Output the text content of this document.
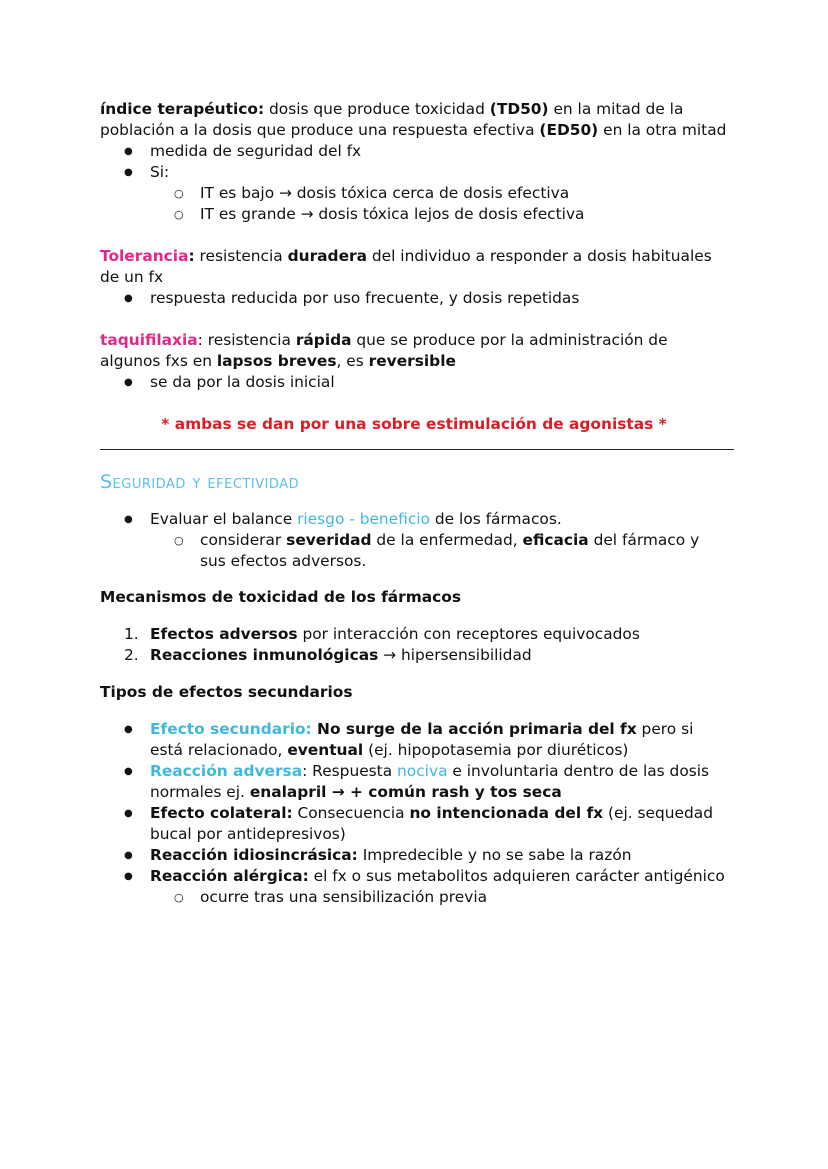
índice terapéutico: dosis que produce toxicidad (TD50) en la mitad de la población a la dosis que produce una respuesta efectiva (ED50) en la otra mitad

● medida de seguridad del fx
● Si:
○ IT es bajo → dosis tóxica cerca de dosis efectiva
○ IT es grande → dosis tóxica lejos de dosis efectiva

Tolerancia: resistencia duradera del individuo a responder a dosis habituales de un fx

● respuesta reducida por uso frecuente, y dosis repetidas

taquifilaxia: resistencia rápida que se produce por la administración de algunos fxs en lapsos breves, es reversible

● se da por la dosis inicial

* ambas se dan por una sobre estimulación de agonistas *

Seguridad y efectividad

● Evaluar el balance riesgo - beneficio de los fármacos.
○ considerar severidad de la enfermedad, eficacia del fármaco y sus efectos adversos.

Mecanismos de toxicidad de los fármacos

1. Efectos adversos por interacción con receptores equivocados
2. Reacciones inmunológicas → hipersensibilidad

Tipos de efectos secundarios

● Efecto secundario: No surge de la acción primaria del fx pero si está relacionado, eventual (ej. hipopotasemia por diuréticos)
● Reacción adversa: Respuesta nociva e involuntaria dentro de las dosis normales ej. enalapril → + común rash y tos seca
● Efecto colateral: Consecuencia no intencionada del fx (ej. sequedad bucal por antidepresivos)
● Reacción idiosincrásica: Impredecible y no se sabe la razón
● Reacción alérgica: el fx o sus metabolitos adquieren carácter antigénico
○ ocurre tras una sensibilización previa
